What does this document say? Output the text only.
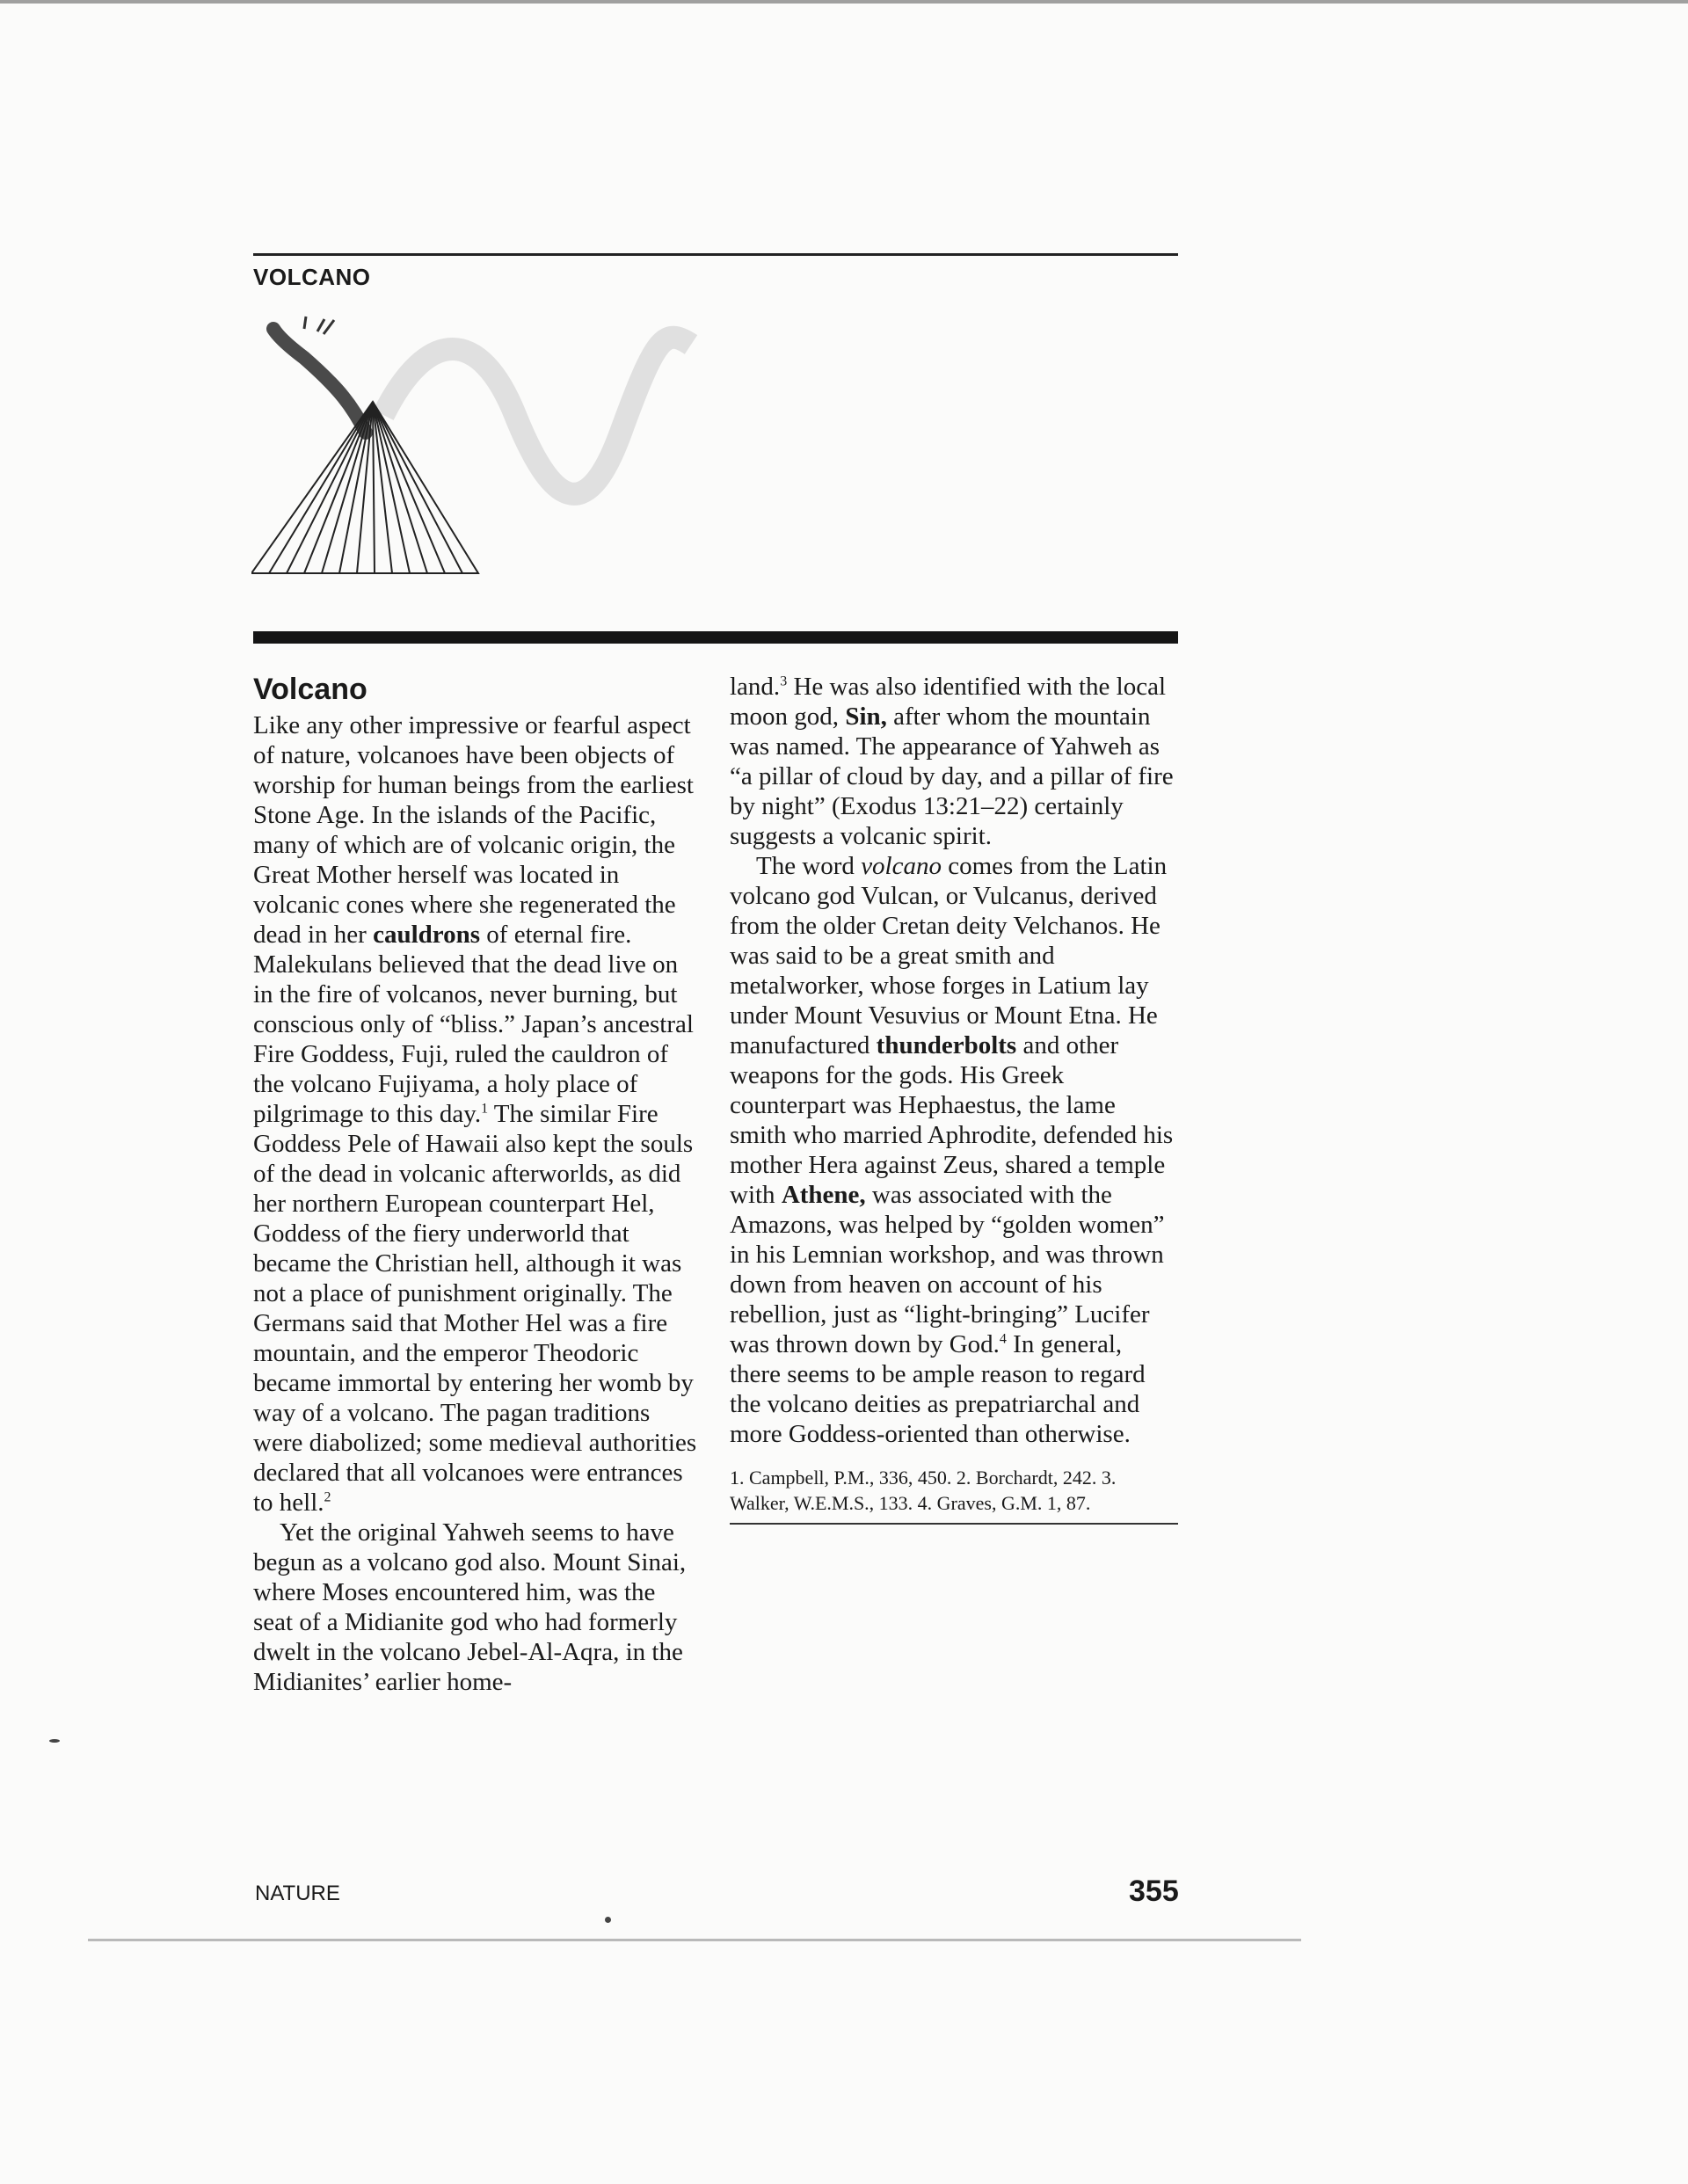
VOLCANO
Volcano

Like any other impressive or fearful aspect of nature, volcanoes have been objects of worship for human beings from the earliest Stone Age. In the islands of the Pacific, many of which are of volcanic origin, the Great Mother herself was located in volcanic cones where she regenerated the dead in her cauldrons of eternal fire. Malekulans believed that the dead live on in the fire of volcanos, never burning, but conscious only of “bliss.” Japan’s ancestral Fire Goddess, Fuji, ruled the cauldron of the volcano Fujiyama, a holy place of pilgrimage to this day.$^1$ The similar Fire Goddess Pele of Hawaii also kept the souls of the dead in volcanic afterworlds, as did her northern European counterpart Hel, Goddess of the fiery underworld that became the Christian hell, although it was not a place of punishment originally. The Germans said that Mother Hel was a fire mountain, and the emperor Theodoric became immortal by entering her womb by way of a volcano. The pagan traditions were diabolized; some medieval authorities declared that all volcanoes were entrances to hell.$^2$

Yet the original Yahweh seems to have begun as a volcano god also. Mount Sinai, where Moses encountered him, was the seat of a Midianite god who had formerly dwelt in the volcano Jebel-Al-Aqra, in the Midianites’ earlier home-

land.$^3$ He was also identified with the local moon god, Sin, after whom the mountain was named. The appearance of Yahweh as “a pillar of cloud by day, and a pillar of fire by night” (Exodus 13:21–22) certainly suggests a volcanic spirit.

The word volcano comes from the Latin volcano god Vulcan, or Vulcanus, derived from the older Cretan deity Velchanos. He was said to be a great smith and metalworker, whose forges in Latium lay under Mount Vesuvius or Mount Etna. He manufactured thunderbolts and other weapons for the gods. His Greek counterpart was Hephaestus, the lame smith who married Aphrodite, defended his mother Hera against Zeus, shared a temple with Athene, was associated with the Amazons, was helped by “golden women” in his Lemnian workshop, and was thrown down from heaven on account of his rebellion, just as “light-bringing” Lucifer was thrown down by God.$^4$ In general, there seems to be ample reason to regard the volcano deities as prepatriarchal and more Goddess-oriented than otherwise.

1. Campbell, P.M., 336, 450. 2. Borchardt, 242. 3. Walker, W.E.M.S., 133. 4. Graves, G.M. 1, 87.

NATURE	355
